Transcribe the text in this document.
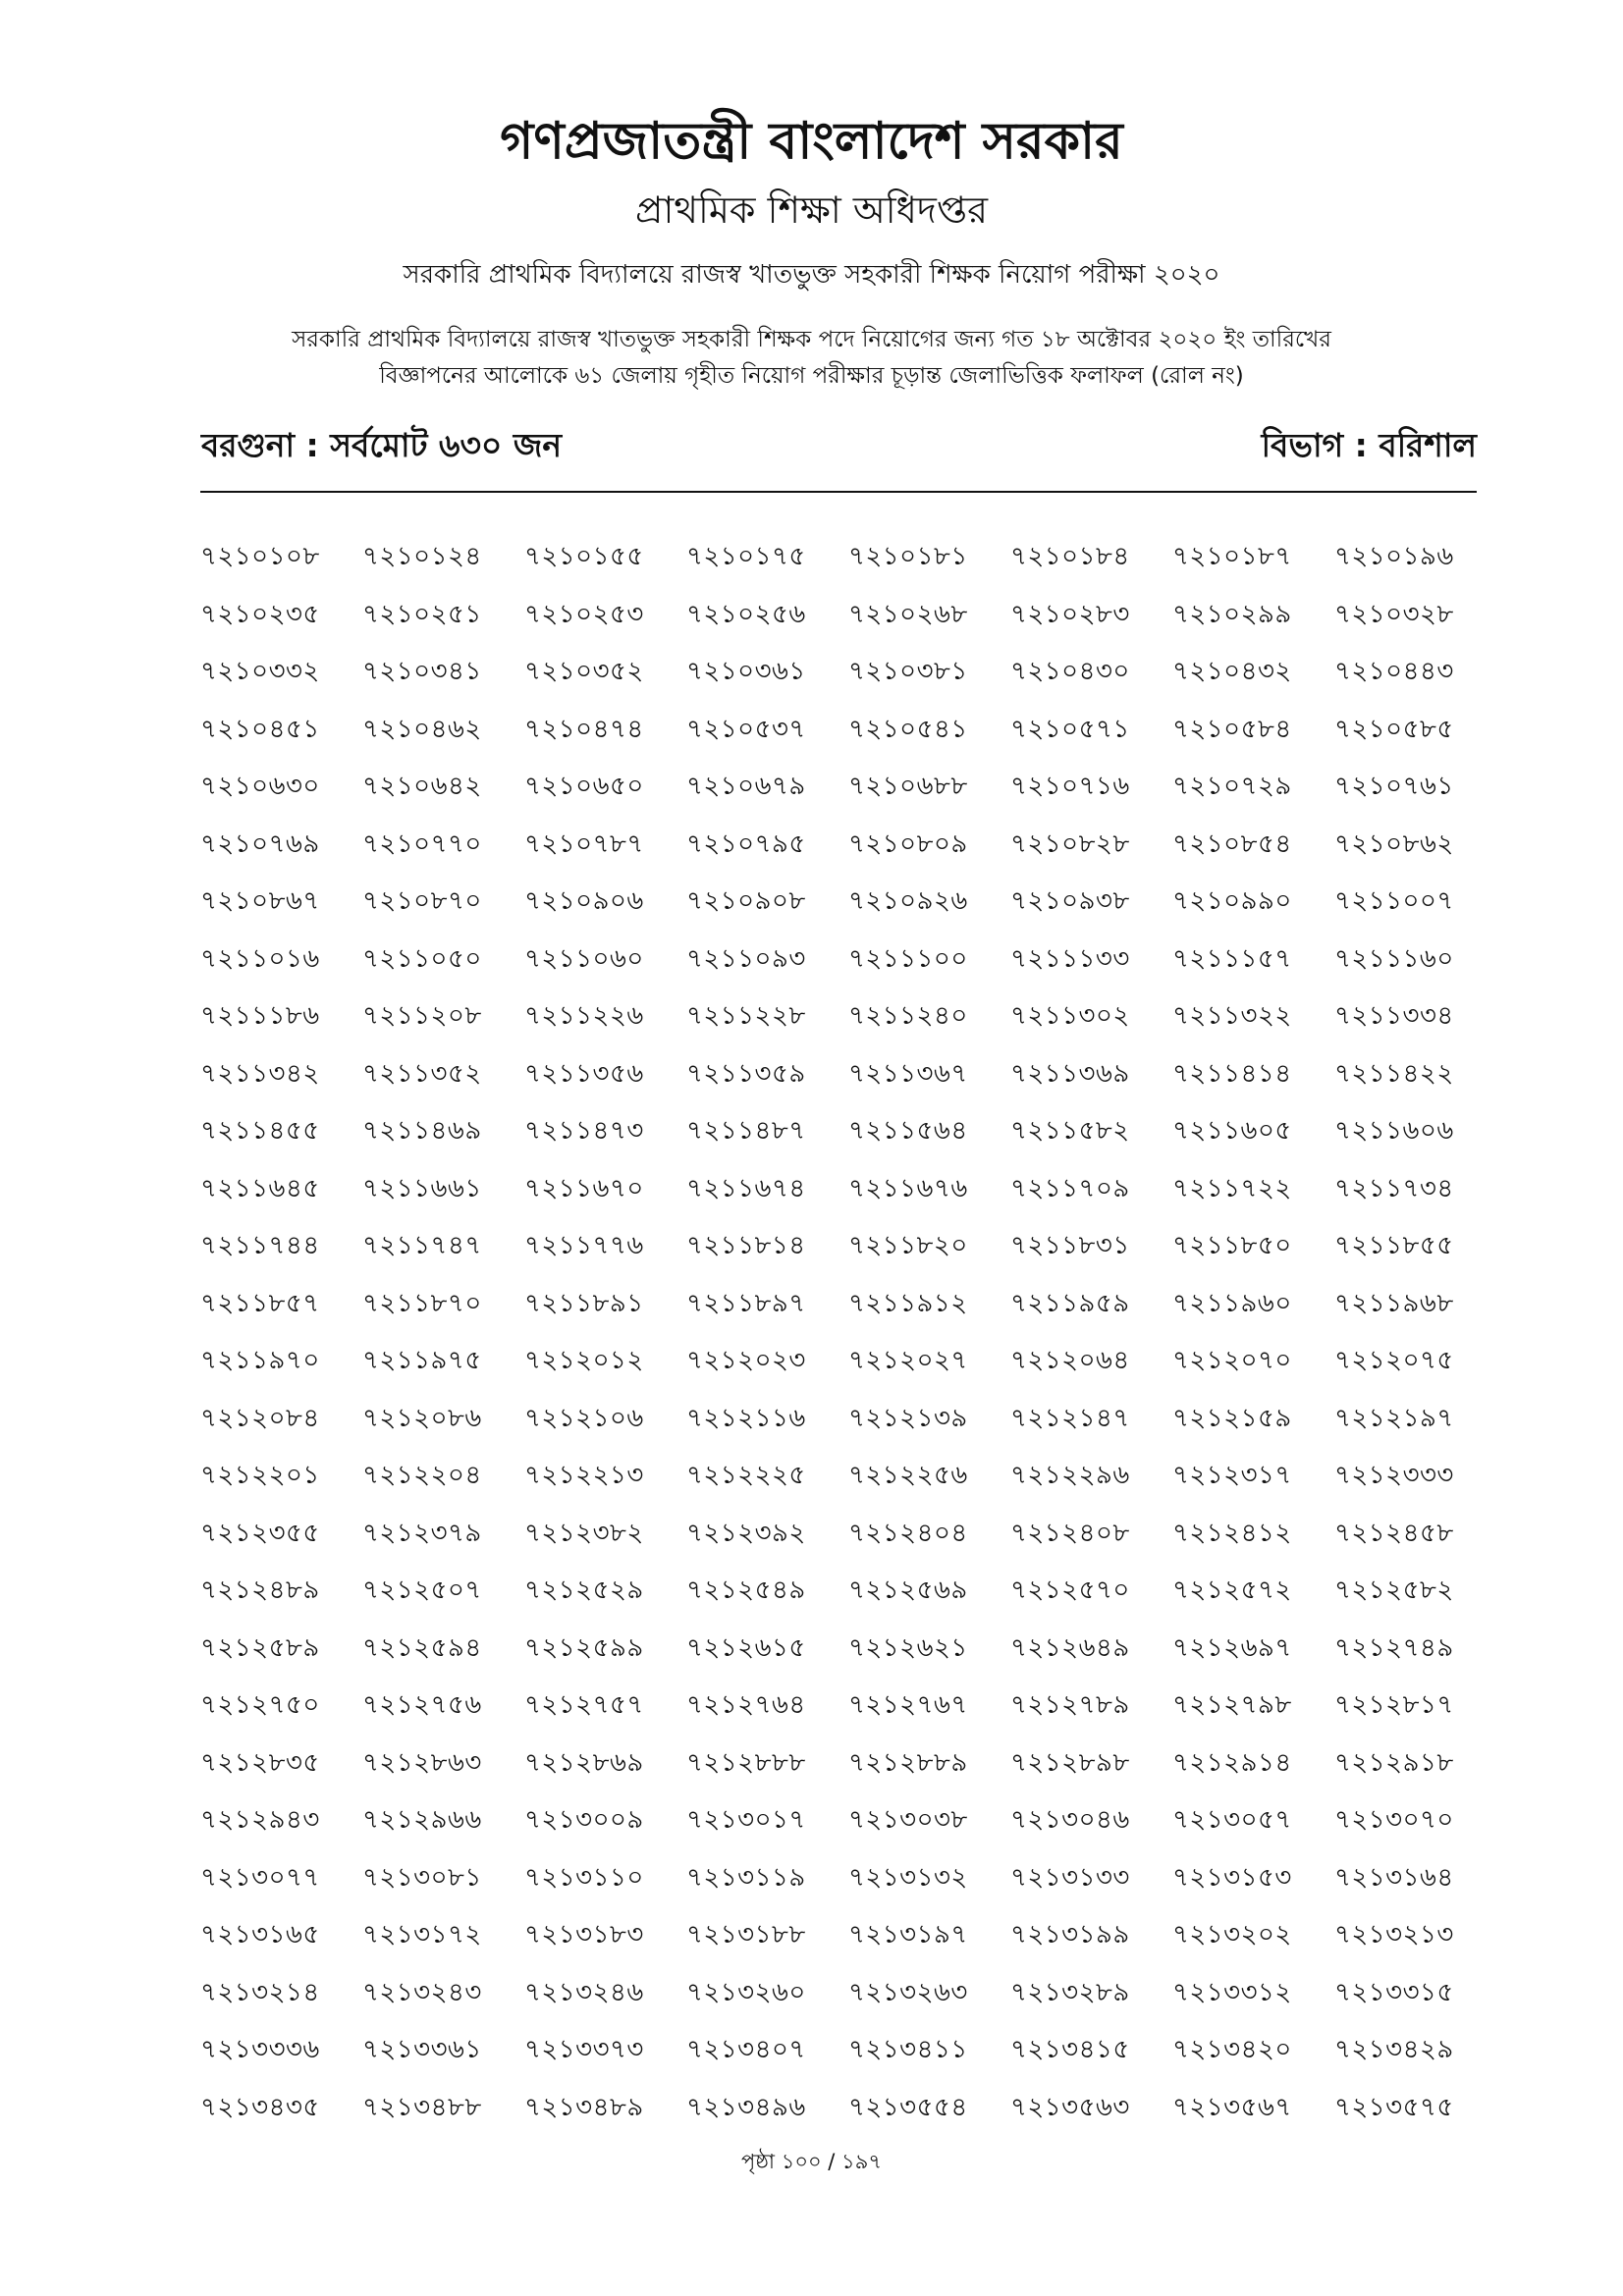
গণপ্রজাতন্ত্রী বাংলাদেশ সরকার
প্রাথমিক শিক্ষা অধিদপ্তর
সরকারি প্রাথমিক বিদ্যালয়ে রাজস্ব খাতভুক্ত সহকারী শিক্ষক নিয়োগ পরীক্ষা ২০২০
সরকারি প্রাথমিক বিদ্যালয়ে রাজস্ব খাতভুক্ত সহকারী শিক্ষক পদে নিয়োগের জন্য গত ১৮ অক্টোবর ২০২০ ইং তারিখের
বিজ্ঞাপনের আলোকে ৬১ জেলায় গৃহীত নিয়োগ পরীক্ষার চূড়ান্ত জেলাভিত্তিক ফলাফল (রোল নং)
বরগুনা : সর্বমোট ৬৩০ জন	বিভাগ : বরিশাল
৭২১০১০৮	৭২১০১২৪	৭২১০১৫৫	৭২১০১৭৫	৭২১০১৮১	৭২১০১৮৪	৭২১০১৮৭	৭২১০১৯৬
৭২১০২৩৫	৭২১০২৫১	৭২১০২৫৩	৭২১০২৫৬	৭২১০২৬৮	৭২১০২৮৩	৭২১০২৯৯	৭২১০৩২৮
৭২১০৩৩২	৭২১০৩৪১	৭২১০৩৫২	৭২১০৩৬১	৭২১০৩৮১	৭২১০৪৩০	৭২১০৪৩২	৭২১০৪৪৩
৭২১০৪৫১	৭২১০৪৬২	৭২১০৪৭৪	৭২১০৫৩৭	৭২১০৫৪১	৭২১০৫৭১	৭২১০৫৮৪	৭২১০৫৮৫
৭২১০৬৩০	৭২১০৬৪২	৭২১০৬৫০	৭২১০৬৭৯	৭২১০৬৮৮	৭২১০৭১৬	৭২১০৭২৯	৭২১০৭৬১
৭২১০৭৬৯	৭২১০৭৭০	৭২১০৭৮৭	৭২১০৭৯৫	৭২১০৮০৯	৭২১০৮২৮	৭২১০৮৫৪	৭২১০৮৬২
৭২১০৮৬৭	৭২১০৮৭০	৭২১০৯০৬	৭২১০৯০৮	৭২১০৯২৬	৭২১০৯৩৮	৭২১০৯৯০	৭২১১০০৭
৭২১১০১৬	৭২১১০৫০	৭২১১০৬০	৭২১১০৯৩	৭২১১১০০	৭২১১১৩৩	৭২১১১৫৭	৭২১১১৬০
৭২১১১৮৬	৭২১১২০৮	৭২১১২২৬	৭২১১২২৮	৭২১১২৪০	৭২১১৩০২	৭২১১৩২২	৭২১১৩৩৪
৭২১১৩৪২	৭২১১৩৫২	৭২১১৩৫৬	৭২১১৩৫৯	৭২১১৩৬৭	৭২১১৩৬৯	৭২১১৪১৪	৭২১১৪২২
৭২১১৪৫৫	৭২১১৪৬৯	৭২১১৪৭৩	৭২১১৪৮৭	৭২১১৫৬৪	৭২১১৫৮২	৭২১১৬০৫	৭২১১৬০৬
৭২১১৬৪৫	৭২১১৬৬১	৭২১১৬৭০	৭২১১৬৭৪	৭২১১৬৭৬	৭২১১৭০৯	৭২১১৭২২	৭২১১৭৩৪
৭২১১৭৪৪	৭২১১৭৪৭	৭২১১৭৭৬	৭২১১৮১৪	৭২১১৮২০	৭২১১৮৩১	৭২১১৮৫০	৭২১১৮৫৫
৭২১১৮৫৭	৭২১১৮৭০	৭২১১৮৯১	৭২১১৮৯৭	৭২১১৯১২	৭২১১৯৫৯	৭২১১৯৬০	৭২১১৯৬৮
৭২১১৯৭০	৭২১১৯৭৫	৭২১২০১২	৭২১২০২৩	৭২১২০২৭	৭২১২০৬৪	৭২১২০৭০	৭২১২০৭৫
৭২১২০৮৪	৭২১২০৮৬	৭২১২১০৬	৭২১২১১৬	৭২১২১৩৯	৭২১২১৪৭	৭২১২১৫৯	৭২১২১৯৭
৭২১২২০১	৭২১২২০৪	৭২১২২১৩	৭২১২২২৫	৭২১২২৫৬	৭২১২২৯৬	৭২১২৩১৭	৭২১২৩৩৩
৭২১২৩৫৫	৭২১২৩৭৯	৭২১২৩৮২	৭২১২৩৯২	৭২১২৪০৪	৭২১২৪০৮	৭২১২৪১২	৭২১২৪৫৮
৭২১২৪৮৯	৭২১২৫০৭	৭২১২৫২৯	৭২১২৫৪৯	৭২১২৫৬৯	৭২১২৫৭০	৭২১২৫৭২	৭২১২৫৮২
৭২১২৫৮৯	৭২১২৫৯৪	৭২১২৫৯৯	৭২১২৬১৫	৭২১২৬২১	৭২১২৬৪৯	৭২১২৬৯৭	৭২১২৭৪৯
৭২১২৭৫০	৭২১২৭৫৬	৭২১২৭৫৭	৭২১২৭৬৪	৭২১২৭৬৭	৭২১২৭৮৯	৭২১২৭৯৮	৭২১২৮১৭
৭২১২৮৩৫	৭২১২৮৬৩	৭২১২৮৬৯	৭২১২৮৮৮	৭২১২৮৮৯	৭২১২৮৯৮	৭২১২৯১৪	৭২১২৯১৮
৭২১২৯৪৩	৭২১২৯৬৬	৭২১৩০০৯	৭২১৩০১৭	৭২১৩০৩৮	৭২১৩০৪৬	৭২১৩০৫৭	৭২১৩০৭০
৭২১৩০৭৭	৭২১৩০৮১	৭২১৩১১০	৭২১৩১১৯	৭২১৩১৩২	৭২১৩১৩৩	৭২১৩১৫৩	৭২১৩১৬৪
৭২১৩১৬৫	৭২১৩১৭২	৭২১৩১৮৩	৭২১৩১৮৮	৭২১৩১৯৭	৭২১৩১৯৯	৭২১৩২০২	৭২১৩২১৩
৭২১৩২১৪	৭২১৩২৪৩	৭২১৩২৪৬	৭২১৩২৬০	৭২১৩২৬৩	৭২১৩২৮৯	৭২১৩৩১২	৭২১৩৩১৫
৭২১৩৩৩৬	৭২১৩৩৬১	৭২১৩৩৭৩	৭২১৩৪০৭	৭২১৩৪১১	৭২১৩৪১৫	৭২১৩৪২০	৭২১৩৪২৯
৭২১৩৪৩৫	৭২১৩৪৮৮	৭২১৩৪৮৯	৭২১৩৪৯৬	৭২১৩৫৫৪	৭২১৩৫৬৩	৭২১৩৫৬৭	৭২১৩৫৭৫
পৃষ্ঠা ১০০ / ১৯৭
